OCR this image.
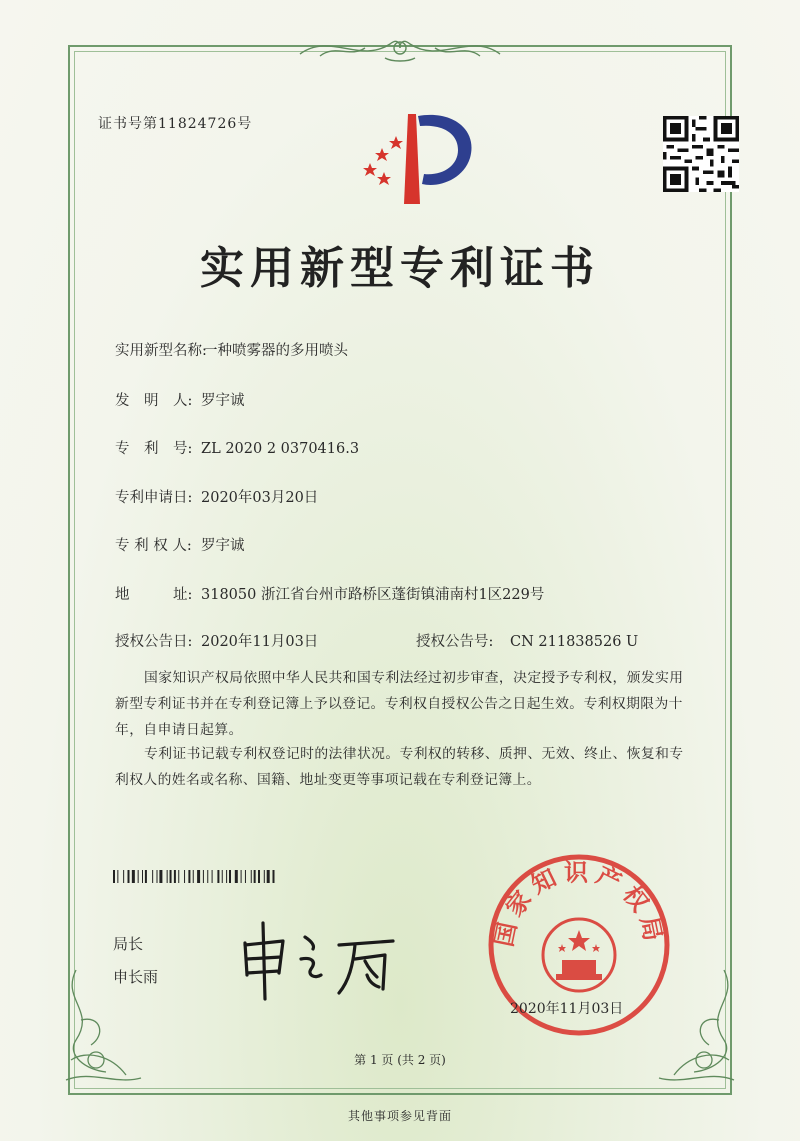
证书号第11824726号
实用新型专利证书
实用新型名称:一种喷雾器的多用喷头
发　明　人: 罗宇诚
专　利　号: ZL 2020 2 0370416.3
专利申请日: 2020年03月20日
专 利 权 人: 罗宇诚
地　　　址: 318050 浙江省台州市路桥区蓬街镇浦南村1区229号
授权公告日: 2020年11月03日	授权公告号: CN 211838526 U
国家知识产权局依照中华人民共和国专利法经过初步审查，决定授予专利权，颁发实用新型专利证书并在专利登记簿上予以登记。专利权自授权公告之日起生效。专利权期限为十年，自申请日起算。
专利证书记载专利权登记时的法律状况。专利权的转移、质押、无效、终止、恢复和专利权人的姓名或名称、国籍、地址变更等事项记载在专利登记簿上。
局长
申长雨
国家知识产权局
2020年11月03日
第 1 页 (共 2 页)
其他事项参见背面
